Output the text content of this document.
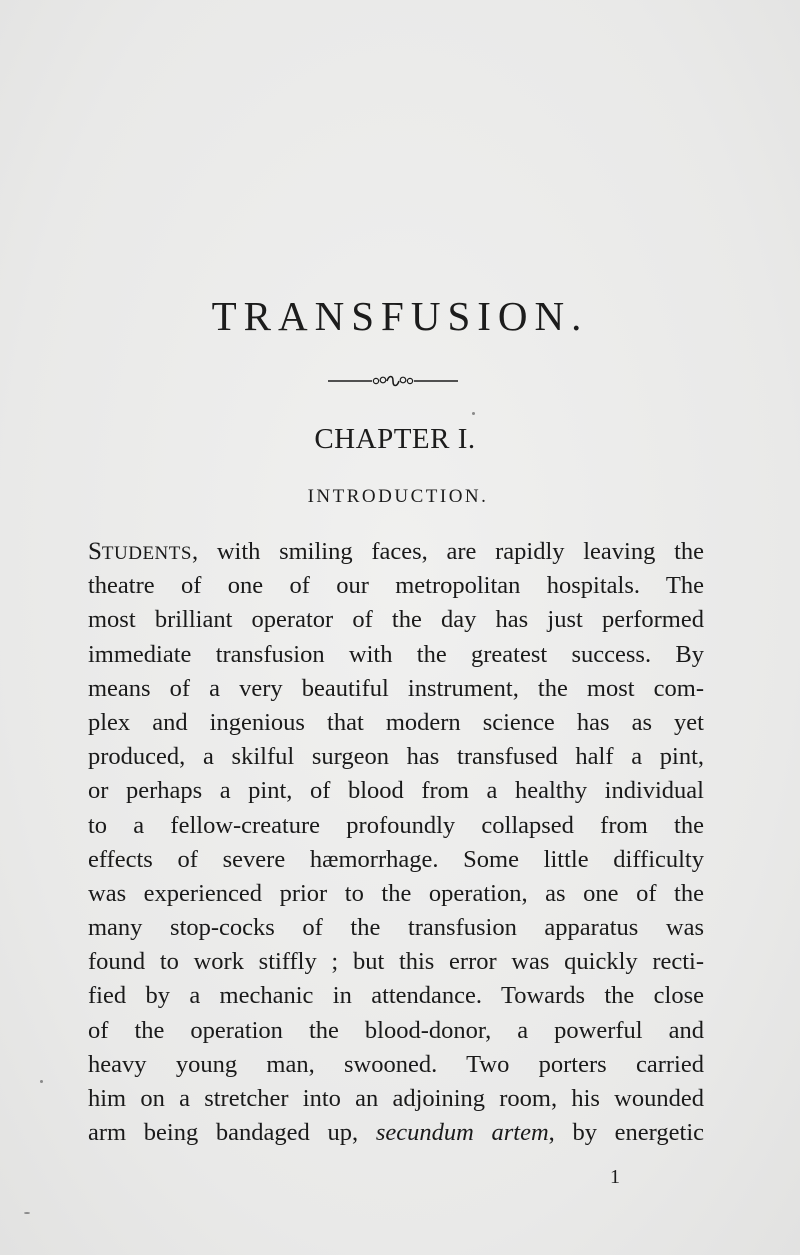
TRANSFUSION.
CHAPTER I.
INTRODUCTION.
STUDENTS, with smiling faces, are rapidly leaving the
theatre of one of our metropolitan hospitals. The
most brilliant operator of the day has just performed
immediate transfusion with the greatest success. By
means of a very beautiful instrument, the most com-
plex and ingenious that modern science has as yet
produced, a skilful surgeon has transfused half a pint,
or perhaps a pint, of blood from a healthy individual
to a fellow-creature profoundly collapsed from the
effects of severe hæmorrhage. Some little difficulty
was experienced prior to the operation, as one of the
many stop-cocks of the transfusion apparatus was
found to work stiffly ; but this error was quickly recti-
fied by a mechanic in attendance. Towards the close
of the operation the blood-donor, a powerful and
heavy young man, swooned. Two porters carried
him on a stretcher into an adjoining room, his wounded
arm being bandaged up, secundum artem, by energetic
1
